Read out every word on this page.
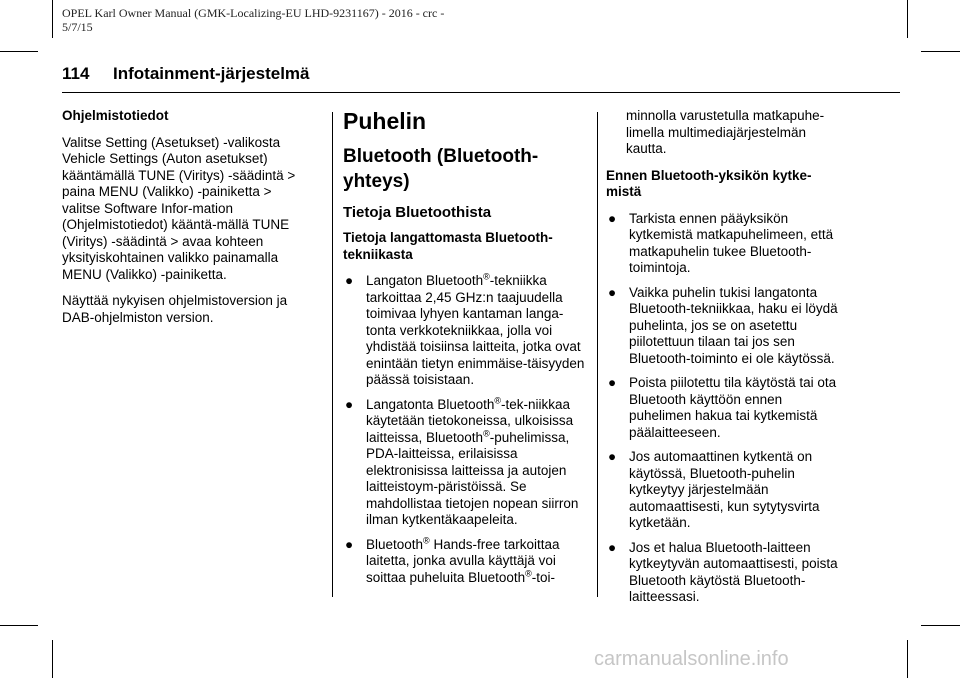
OPEL Karl Owner Manual (GMK-Localizing-EU LHD-9231167) - 2016 - crc -
5/7/15
114 Infotainment-järjestelmä

Ohjelmistotiedot

Valitse Setting (Asetukset) -valikosta Vehicle Settings (Auton asetukset) kääntämällä TUNE (Viritys) -säädintä > paina MENU (Valikko) -painiketta > valitse Software Infor-mation (Ohjelmistotiedot) kääntä-mällä TUNE (Viritys) -säädintä > avaa kohteen yksityiskohtainen valikko painamalla MENU (Valikko) -painiketta.

Näyttää nykyisen ohjelmistoversion ja DAB-ohjelmiston version.

Puhelin
Bluetooth (Bluetooth-yhteys)
Tietoja Bluetoothista

Tietoja langattomasta Bluetooth-tekniikasta

● Langaton Bluetooth®-tekniikka tarkoittaa 2,45 GHz:n taajuudella toimivaa lyhyen kantaman langa-tonta verkkotekniikkaa, jolla voi yhdistää toisiinsa laitteita, jotka ovat enintään tietyn enimmäise-täisyyden päässä toisistaan.
● Langatonta Bluetooth®-tek-niikkaa käytetään tietokoneissa, ulkoisissa laitteissa, Bluetooth®-puhelimissa, PDA-laitteissa, erilaisissa elektronisissa laitteissa ja autojen laitteistoym-päristöissä. Se mahdollistaa tietojen nopean siirron ilman kytkentäkaapeleita.
● Bluetooth® Hands-free tarkoittaa laitetta, jonka avulla käyttäjä voi soittaa puheluita Bluetooth®-toi-

minnolla varustetulla matkapuhe-limella multimediajärjestelmän kautta.

Ennen Bluetooth-yksikön kytke-mistä

● Tarkista ennen pääyksikön kytkemistä matkapuhelimeen, että matkapuhelin tukee Bluetooth-toimintoja.
● Vaikka puhelin tukisi langatonta Bluetooth-tekniikkaa, haku ei löydä puhelinta, jos se on asetettu piilotettuun tilaan tai jos sen Bluetooth-toiminto ei ole käytössä.
● Poista piilotettu tila käytöstä tai ota Bluetooth käyttöön ennen puhelimen hakua tai kytkemistä päälaitteeseen.
● Jos automaattinen kytkentä on käytössä, Bluetooth-puhelin kytkeytyy järjestelmään automaattisesti, kun sytytysvirta kytketään.
● Jos et halua Bluetooth-laitteen kytkeytyvän automaattisesti, poista Bluetooth käytöstä Bluetooth-laitteessasi.
carmanualsonline.info
